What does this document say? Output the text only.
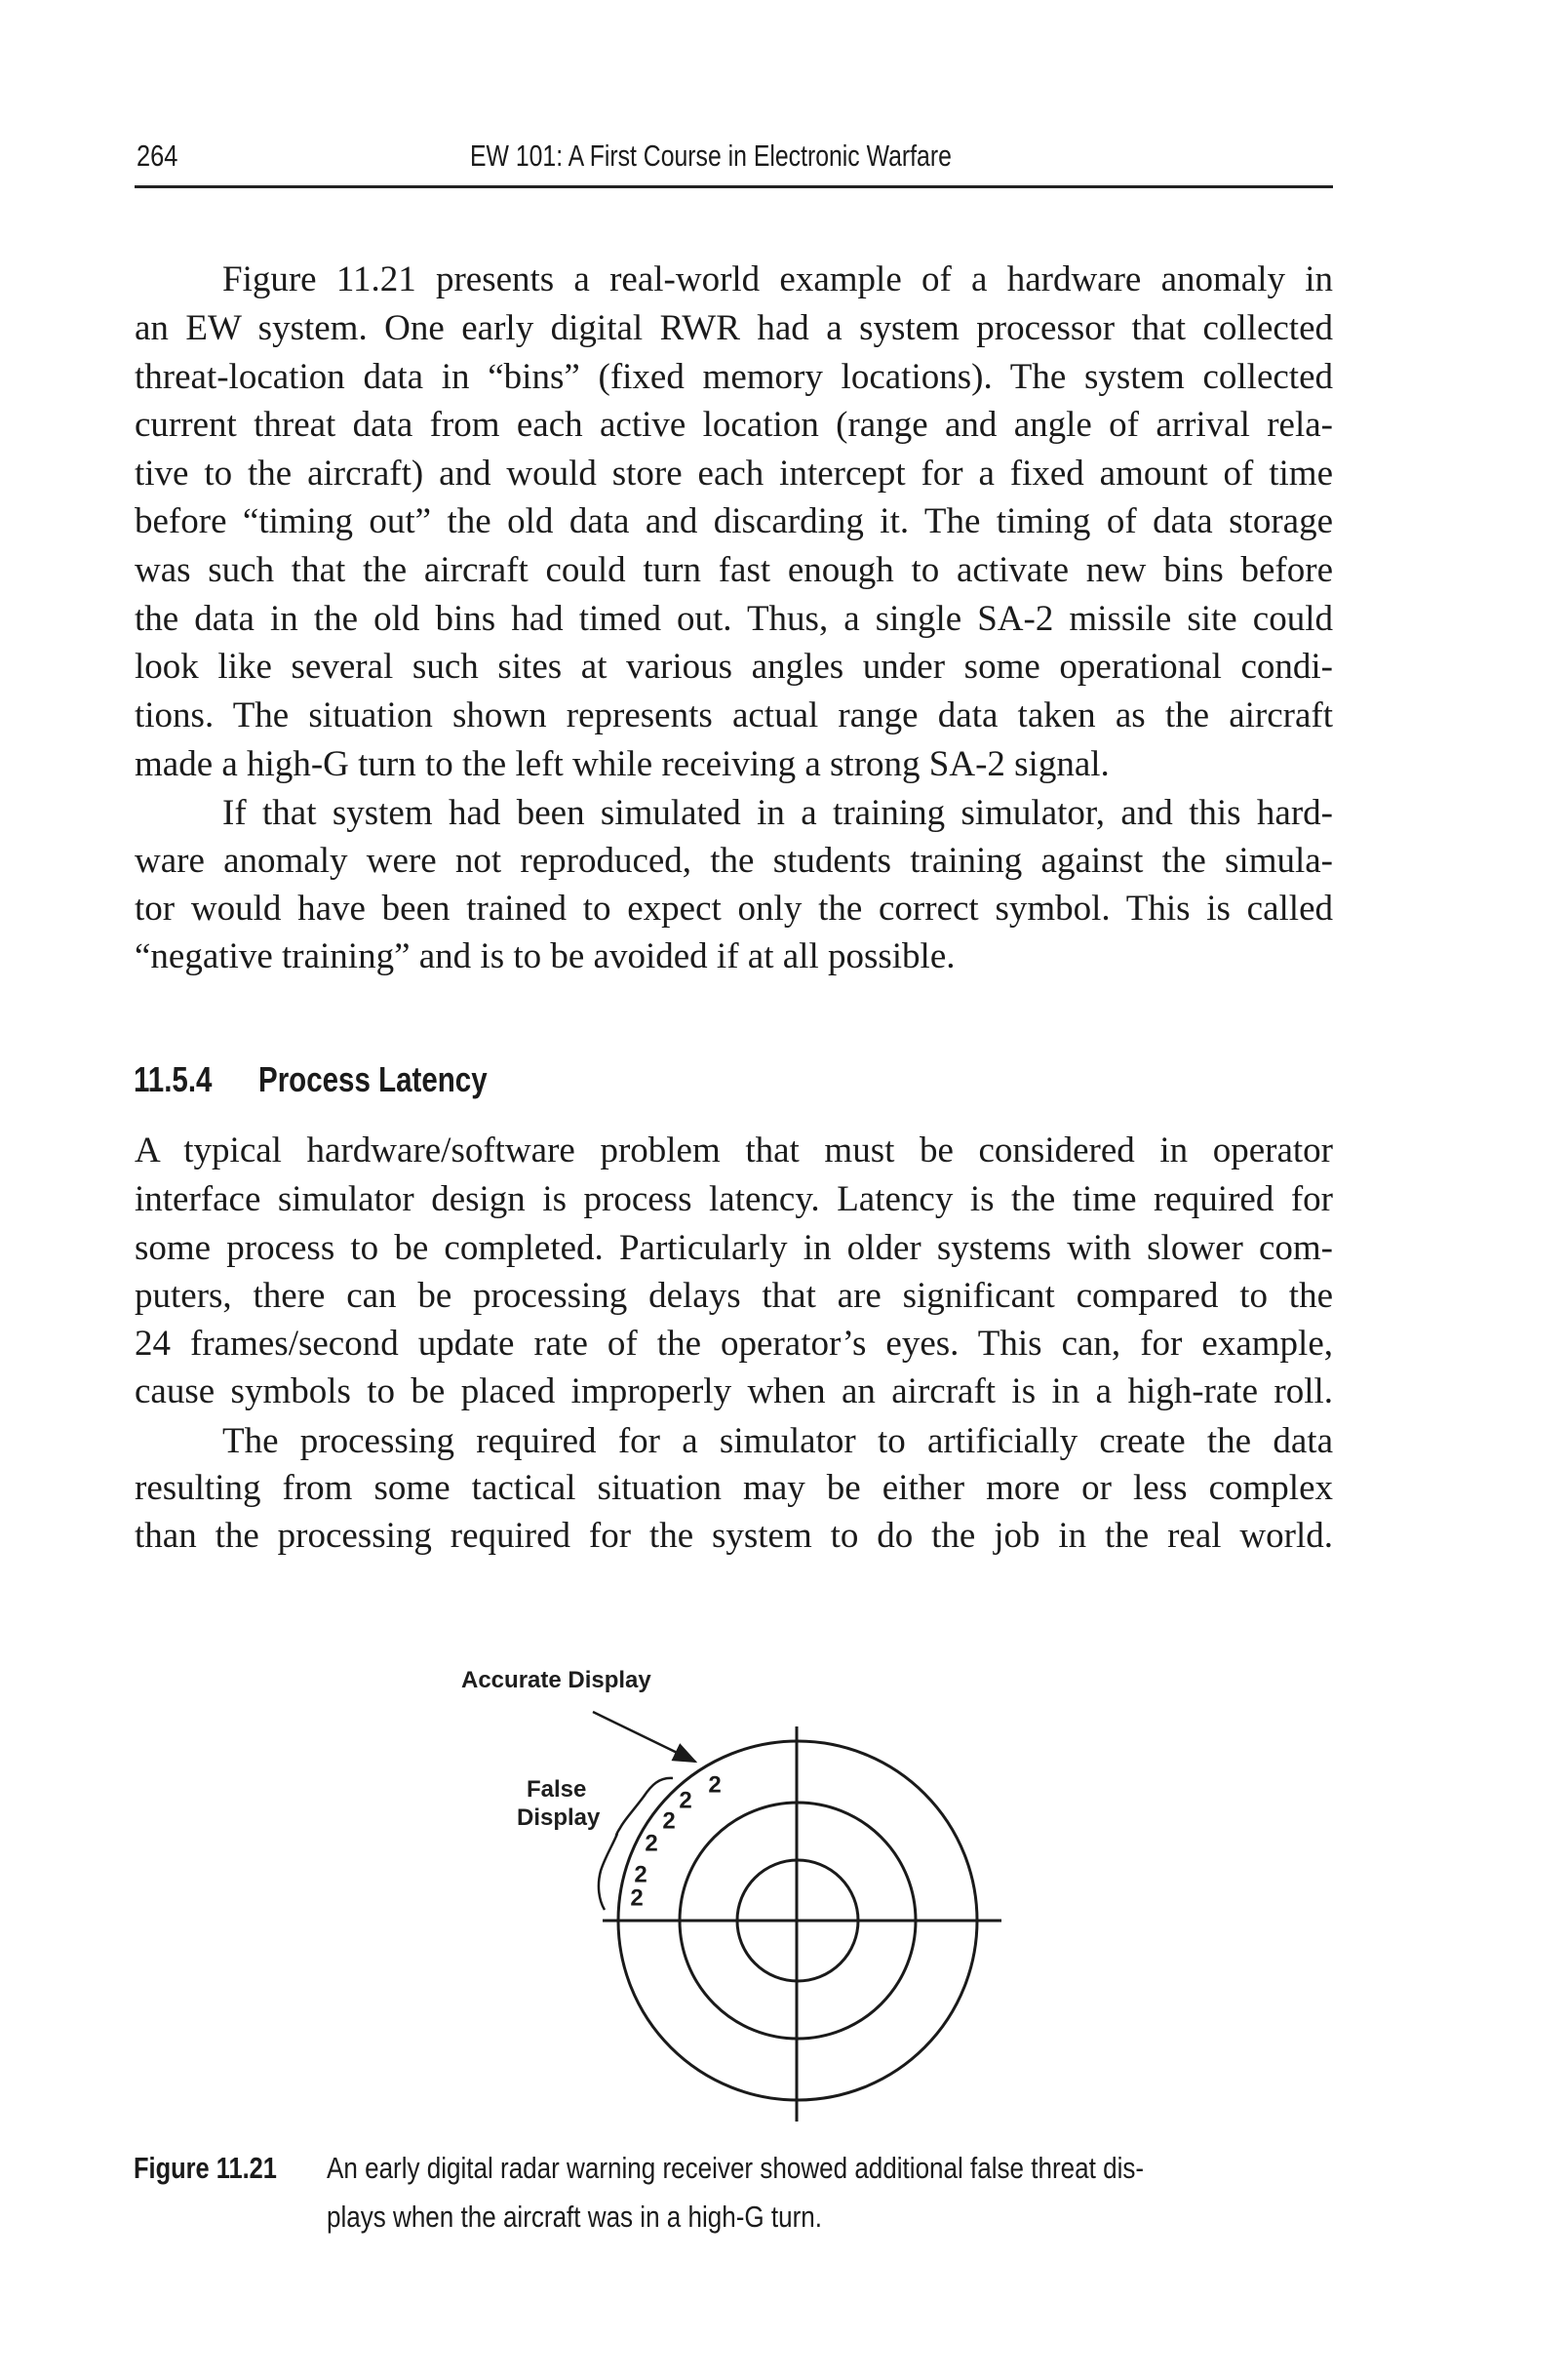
264	EW 101: A First Course in Electronic Warfare
Figure 11.21 presents a real-world example of a hardware anomaly in
an EW system. One early digital RWR had a system processor that collected
threat-location data in “bins” (fixed memory locations). The system collected
current threat data from each active location (range and angle of arrival rela-
tive to the aircraft) and would store each intercept for a fixed amount of time
before “timing out” the old data and discarding it. The timing of data storage
was such that the aircraft could turn fast enough to activate new bins before
the data in the old bins had timed out. Thus, a single SA-2 missile site could
look like several such sites at various angles under some operational condi-
tions. The situation shown represents actual range data taken as the aircraft
made a high-G turn to the left while receiving a strong SA-2 signal.
If that system had been simulated in a training simulator, and this hard-
ware anomaly were not reproduced, the students training against the simula-
tor would have been trained to expect only the correct symbol. This is called
“negative training” and is to be avoided if at all possible.
11.5.4 Process Latency
A typical hardware/software problem that must be considered in operator
interface simulator design is process latency. Latency is the time required for
some process to be completed. Particularly in older systems with slower com-
puters, there can be processing delays that are significant compared to the
24 frames/second update rate of the operator’s eyes. This can, for example,
cause symbols to be placed improperly when an aircraft is in a high-rate roll.
The processing required for a simulator to artificially create the data
resulting from some tactical situation may be either more or less complex
than the processing required for the system to do the job in the real world.
2
2
2
2
2
2
Accurate Display
False
Display
Figure 11.21 An early digital radar warning receiver showed additional false threat dis-
plays when the aircraft was in a high-G turn.
